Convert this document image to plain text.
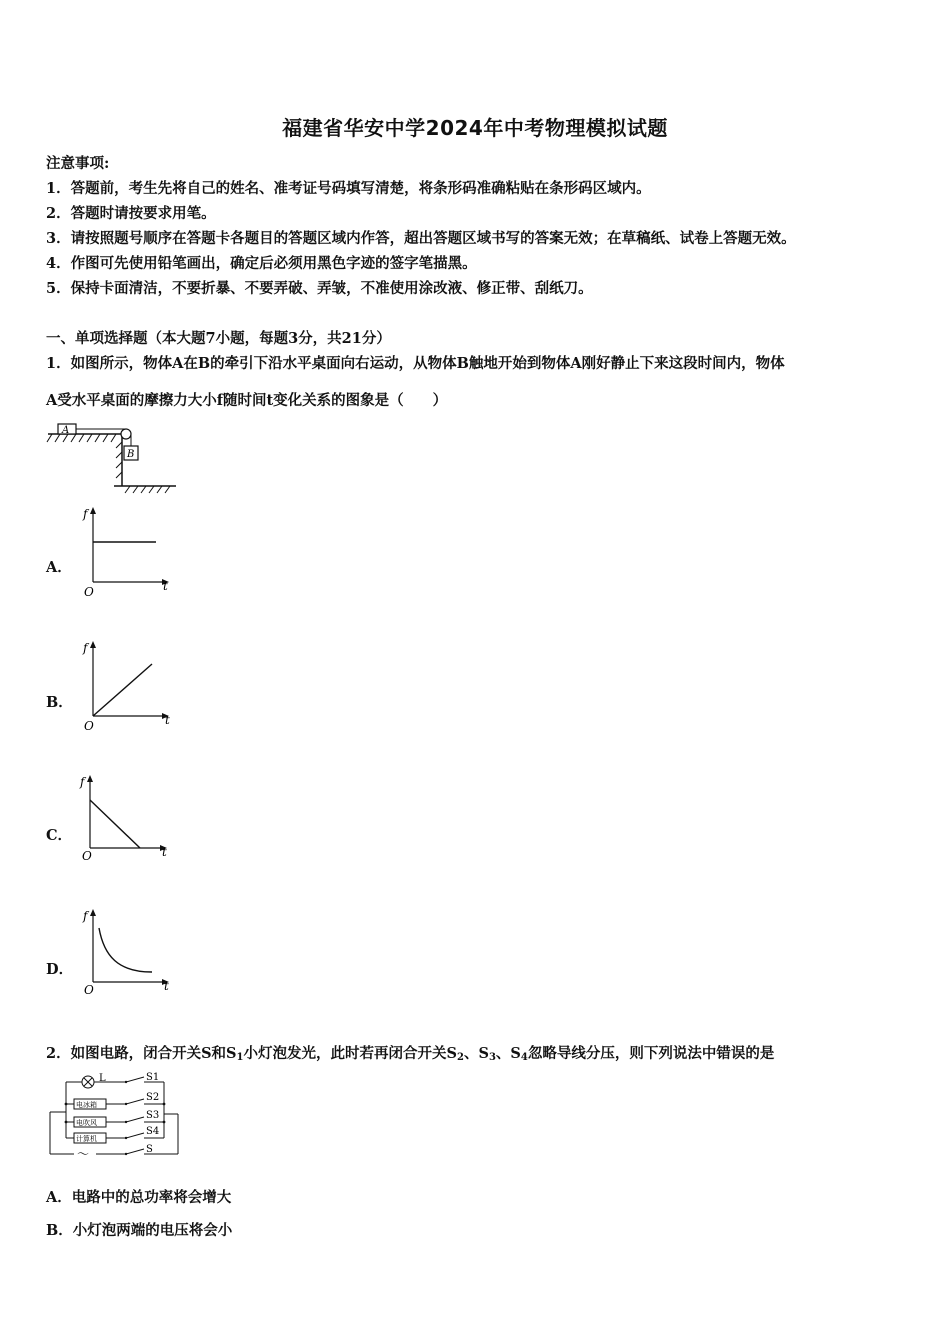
福建省华安中学2024年中考物理模拟试题
注意事项:
1．答题前，考生先将自己的姓名、准考证号码填写清楚，将条形码准确粘贴在条形码区域内。
2．答题时请按要求用笔。
3．请按照题号顺序在答题卡各题目的答题区域内作答，超出答题区域书写的答案无效；在草稿纸、试卷上答题无效。
4．作图可先使用铅笔画出，确定后必须用黑色字迹的签字笔描黑。
5．保持卡面清洁，不要折暴、不要弄破、弄皱，不准使用涂改液、修正带、刮纸刀。
一、单项选择题（本大题7小题，每题3分，共21分）
1．如图所示，物体A在B的牵引下沿水平桌面向右运动，从物体B触地开始到物体A刚好静止下来这段时间内，物体
A受水平桌面的摩擦力大小f随时间t变化关系的图象是（　　）
A
B
A．
f
t
O
B．
f
t
O
C．
f
t
O
D．
f
t
O
2．如图电路，闭合开关S和$S_1$小灯泡发光，此时若再闭合开关$S_2$、$S_3$、$S_4$忽略导线分压，则下列说法中错误的是
L
电冰箱
电吹风
计算机
S1
S2
S3
S4
S
～
A．电路中的总功率将会增大
B．小灯泡两端的电压将会小
